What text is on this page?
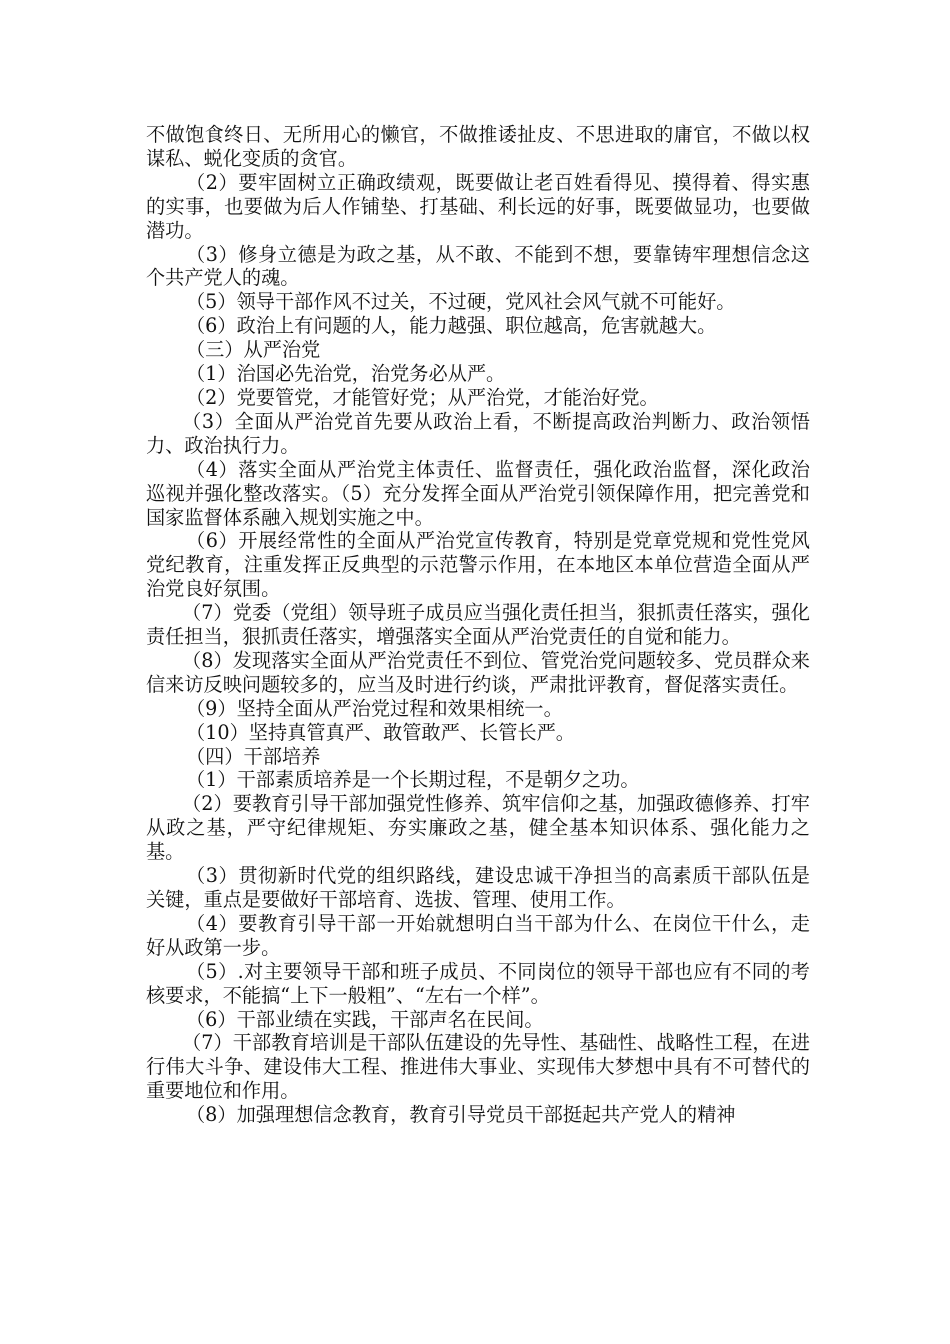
不做饱食终日、无所用心的懒官，不做推诿扯皮、不思进取的庸官，不做以权谋私、蜕化变质的贪官。

（2）要牢固树立正确政绩观，既要做让老百姓看得见、摸得着、得实惠的实事，也要做为后人作铺垫、打基础、利长远的好事，既要做显功，也要做潜功。

（3）修身立德是为政之基，从不敢、不能到不想，要靠铸牢理想信念这个共产党人的魂。

（5）领导干部作风不过关，不过硬，党风社会风气就不可能好。

（6）政治上有问题的人，能力越强、职位越高，危害就越大。

（三）从严治党

（1）治国必先治党，治党务必从严。

（2）党要管党，才能管好党；从严治党，才能治好党。

（3）全面从严治党首先要从政治上看，不断提高政治判断力、政治领悟力、政治执行力。

（4）落实全面从严治党主体责任、监督责任，强化政治监督，深化政治巡视并强化整改落实。（5）充分发挥全面从严治党引领保障作用，把完善党和国家监督体系融入规划实施之中。

（6）开展经常性的全面从严治党宣传教育，特别是党章党规和党性党风党纪教育，注重发挥正反典型的示范警示作用，在本地区本单位营造全面从严治党良好氛围。

（7）党委（党组）领导班子成员应当强化责任担当，狠抓责任落实，强化责任担当，狠抓责任落实，增强落实全面从严治党责任的自觉和能力。

（8）发现落实全面从严治党责任不到位、管党治党问题较多、党员群众来信来访反映问题较多的，应当及时进行约谈，严肃批评教育，督促落实责任。

（9）坚持全面从严治党过程和效果相统一。

（10）坚持真管真严、敢管敢严、长管长严。

（四）干部培养

（1）干部素质培养是一个长期过程，不是朝夕之功。

（2）要教育引导干部加强党性修养、筑牢信仰之基，加强政德修养、打牢从政之基，严守纪律规矩、夯实廉政之基，健全基本知识体系、强化能力之基。

（3）贯彻新时代党的组织路线，建设忠诚干净担当的高素质干部队伍是关键，重点是要做好干部培育、选拔、管理、使用工作。

（4）要教育引导干部一开始就想明白当干部为什么、在岗位干什么，走好从政第一步。

（5）.对主要领导干部和班子成员、不同岗位的领导干部也应有不同的考核要求，不能搞“上下一般粗”、“左右一个样”。

（6）干部业绩在实践，干部声名在民间。

（7）干部教育培训是干部队伍建设的先导性、基础性、战略性工程，在进行伟大斗争、建设伟大工程、推进伟大事业、实现伟大梦想中具有不可替代的重要地位和作用。

（8）加强理想信念教育，教育引导党员干部挺起共产党人的精神
